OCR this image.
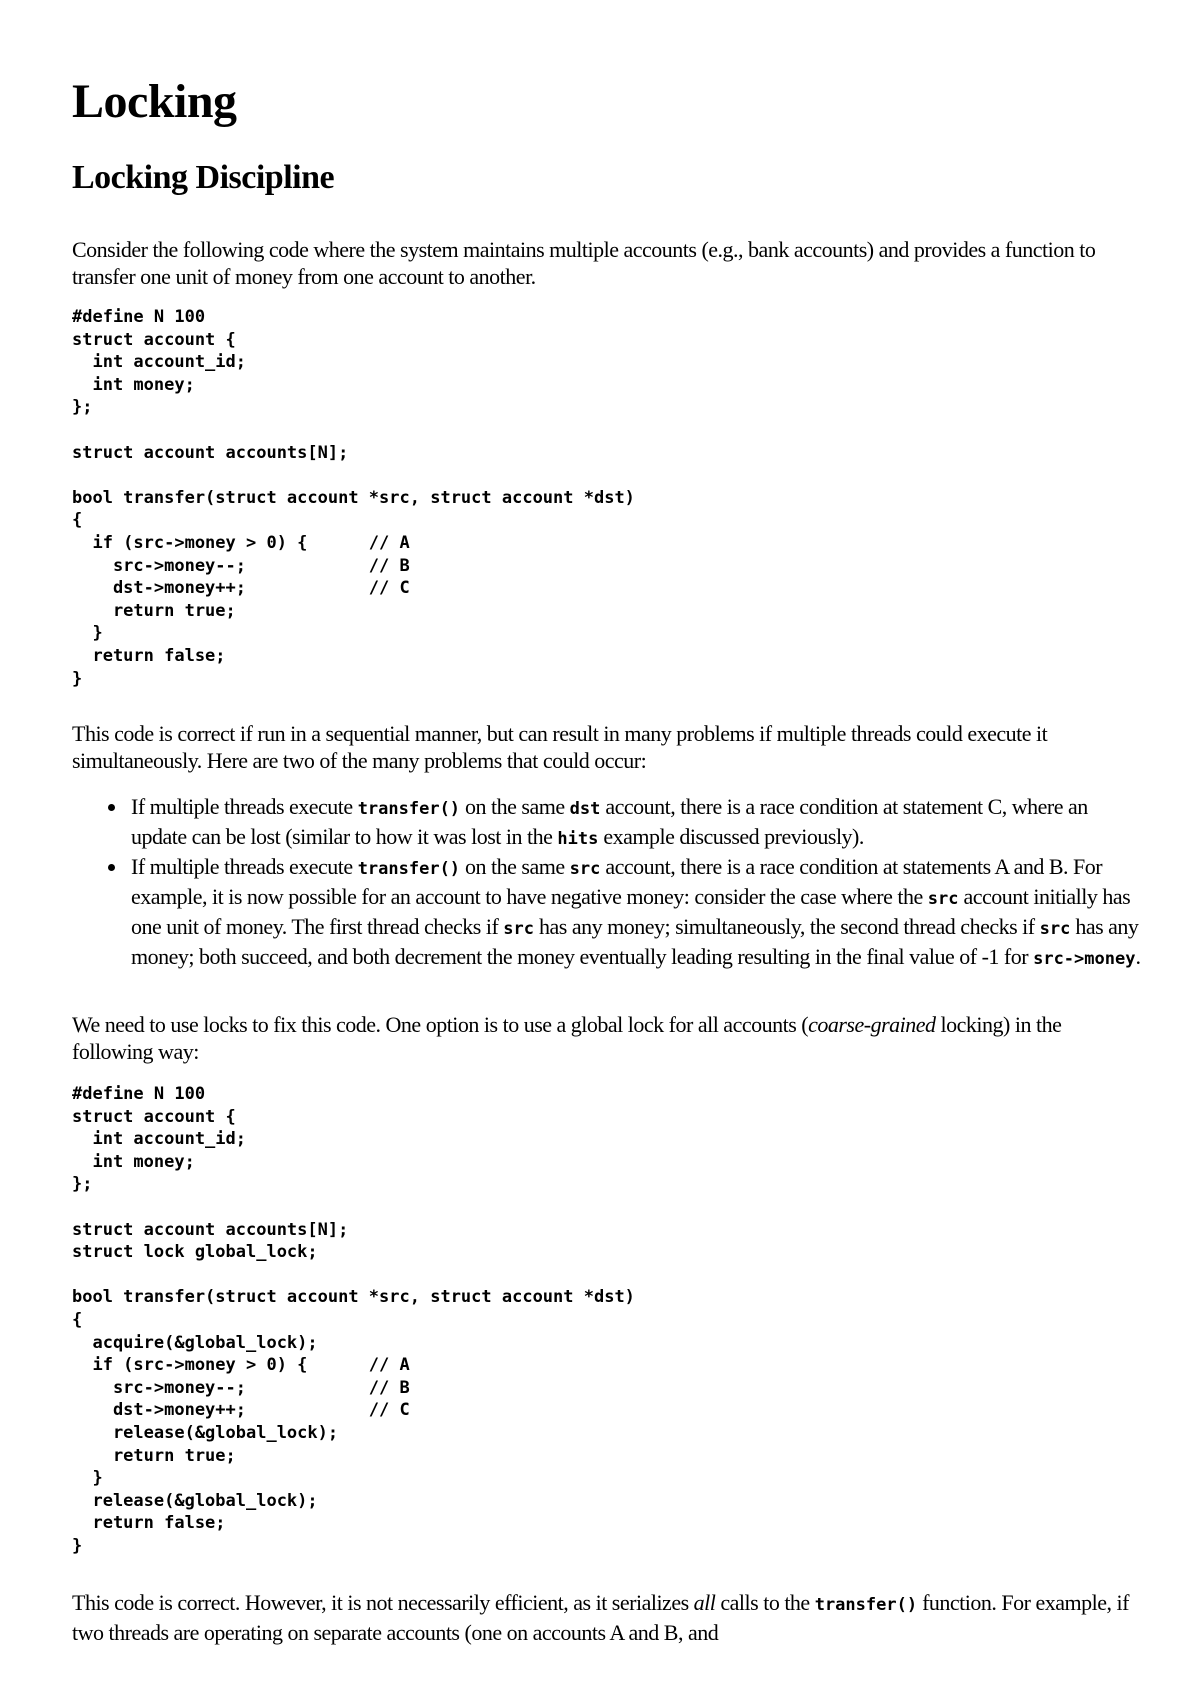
Locking
Locking Discipline

Consider the following code where the system maintains multiple accounts (e.g., bank accounts) and provides a function to transfer one unit of money from one account to another.

#define N 100
struct account {
int account_id;
int money;
};

struct account accounts[N];

bool transfer(struct account *src, struct account *dst)
{
if (src->money > 0) {      // A
src->money--;            // B
dst->money++;            // C
return true;
}
return false;
}

This code is correct if run in a sequential manner, but can result in many problems if multiple threads could execute it simultaneously. Here are two of the many problems that could occur:

If multiple threads execute transfer() on the same dst account, there is a race condition at statement C, where an update can be lost (similar to how it was lost in the hits example discussed previously).
If multiple threads execute transfer() on the same src account, there is a race condition at statements A and B. For example, it is now possible for an account to have negative money: consider the case where the src account initially has one unit of money. The first thread checks if src has any money; simultaneously, the second thread checks if src has any money; both succeed, and both decrement the money eventually leading resulting in the final value of -1 for src->money.

We need to use locks to fix this code. One option is to use a global lock for all accounts (coarse-grained locking) in the following way:

#define N 100
struct account {
int account_id;
int money;
};

struct account accounts[N];
struct lock global_lock;

bool transfer(struct account *src, struct account *dst)
{
acquire(&global_lock);
if (src->money > 0) {      // A
src->money--;            // B
dst->money++;            // C
release(&global_lock);
return true;
}
release(&global_lock);
return false;
}

This code is correct. However, it is not necessarily efficient, as it serializes all calls to the transfer() function. For example, if two threads are operating on separate accounts (one on accounts A and B, and
